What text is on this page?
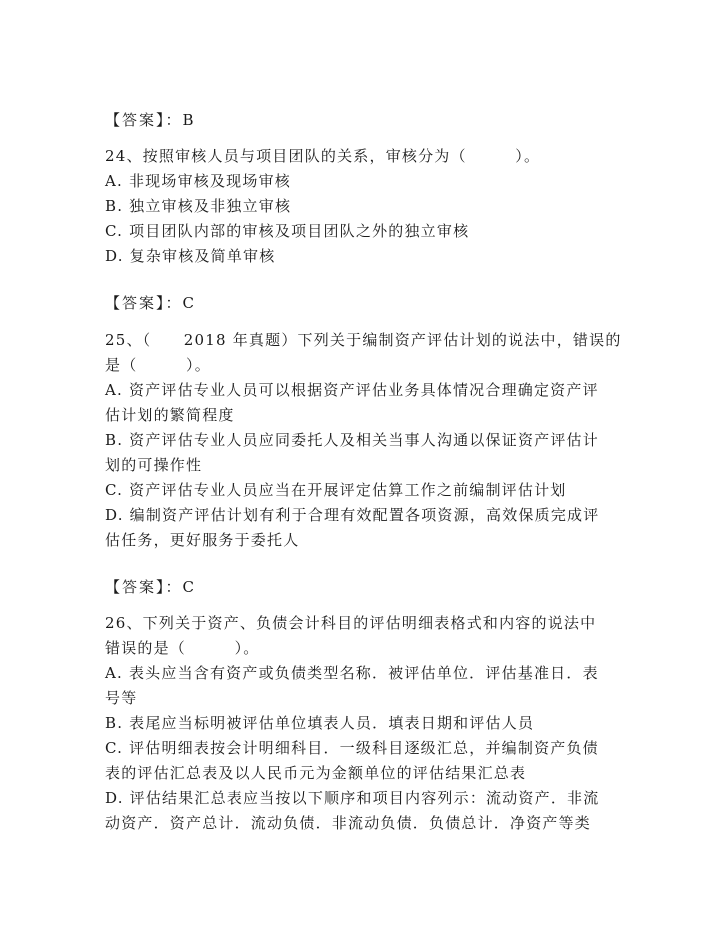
【答案】：B
24、按照审核人员与项目团队的关系，审核分为（　　　）。
A. 非现场审核及现场审核
B. 独立审核及非独立审核
C. 项目团队内部的审核及项目团队之外的独立审核
D. 复杂审核及简单审核
【答案】：C
25、（　　2018 年真题）下列关于编制资产评估计划的说法中，错误的
是（　　　）。
A. 资产评估专业人员可以根据资产评估业务具体情况合理确定资产评
估计划的繁简程度
B. 资产评估专业人员应同委托人及相关当事人沟通以保证资产评估计
划的可操作性
C. 资产评估专业人员应当在开展评定估算工作之前编制评估计划
D. 编制资产评估计划有利于合理有效配置各项资源，高效保质完成评
估任务，更好服务于委托人
【答案】：C
26、下列关于资产、负债会计科目的评估明细表格式和内容的说法中
错误的是（　　　）。
A. 表头应当含有资产或负债类型名称．被评估单位．评估基准日．表
号等
B. 表尾应当标明被评估单位填表人员．填表日期和评估人员
C. 评估明细表按会计明细科目．一级科目逐级汇总，并编制资产负债
表的评估汇总表及以人民币元为金额单位的评估结果汇总表
D. 评估结果汇总表应当按以下顺序和项目内容列示：流动资产．非流
动资产．资产总计．流动负债．非流动负债．负债总计．净资产等类
